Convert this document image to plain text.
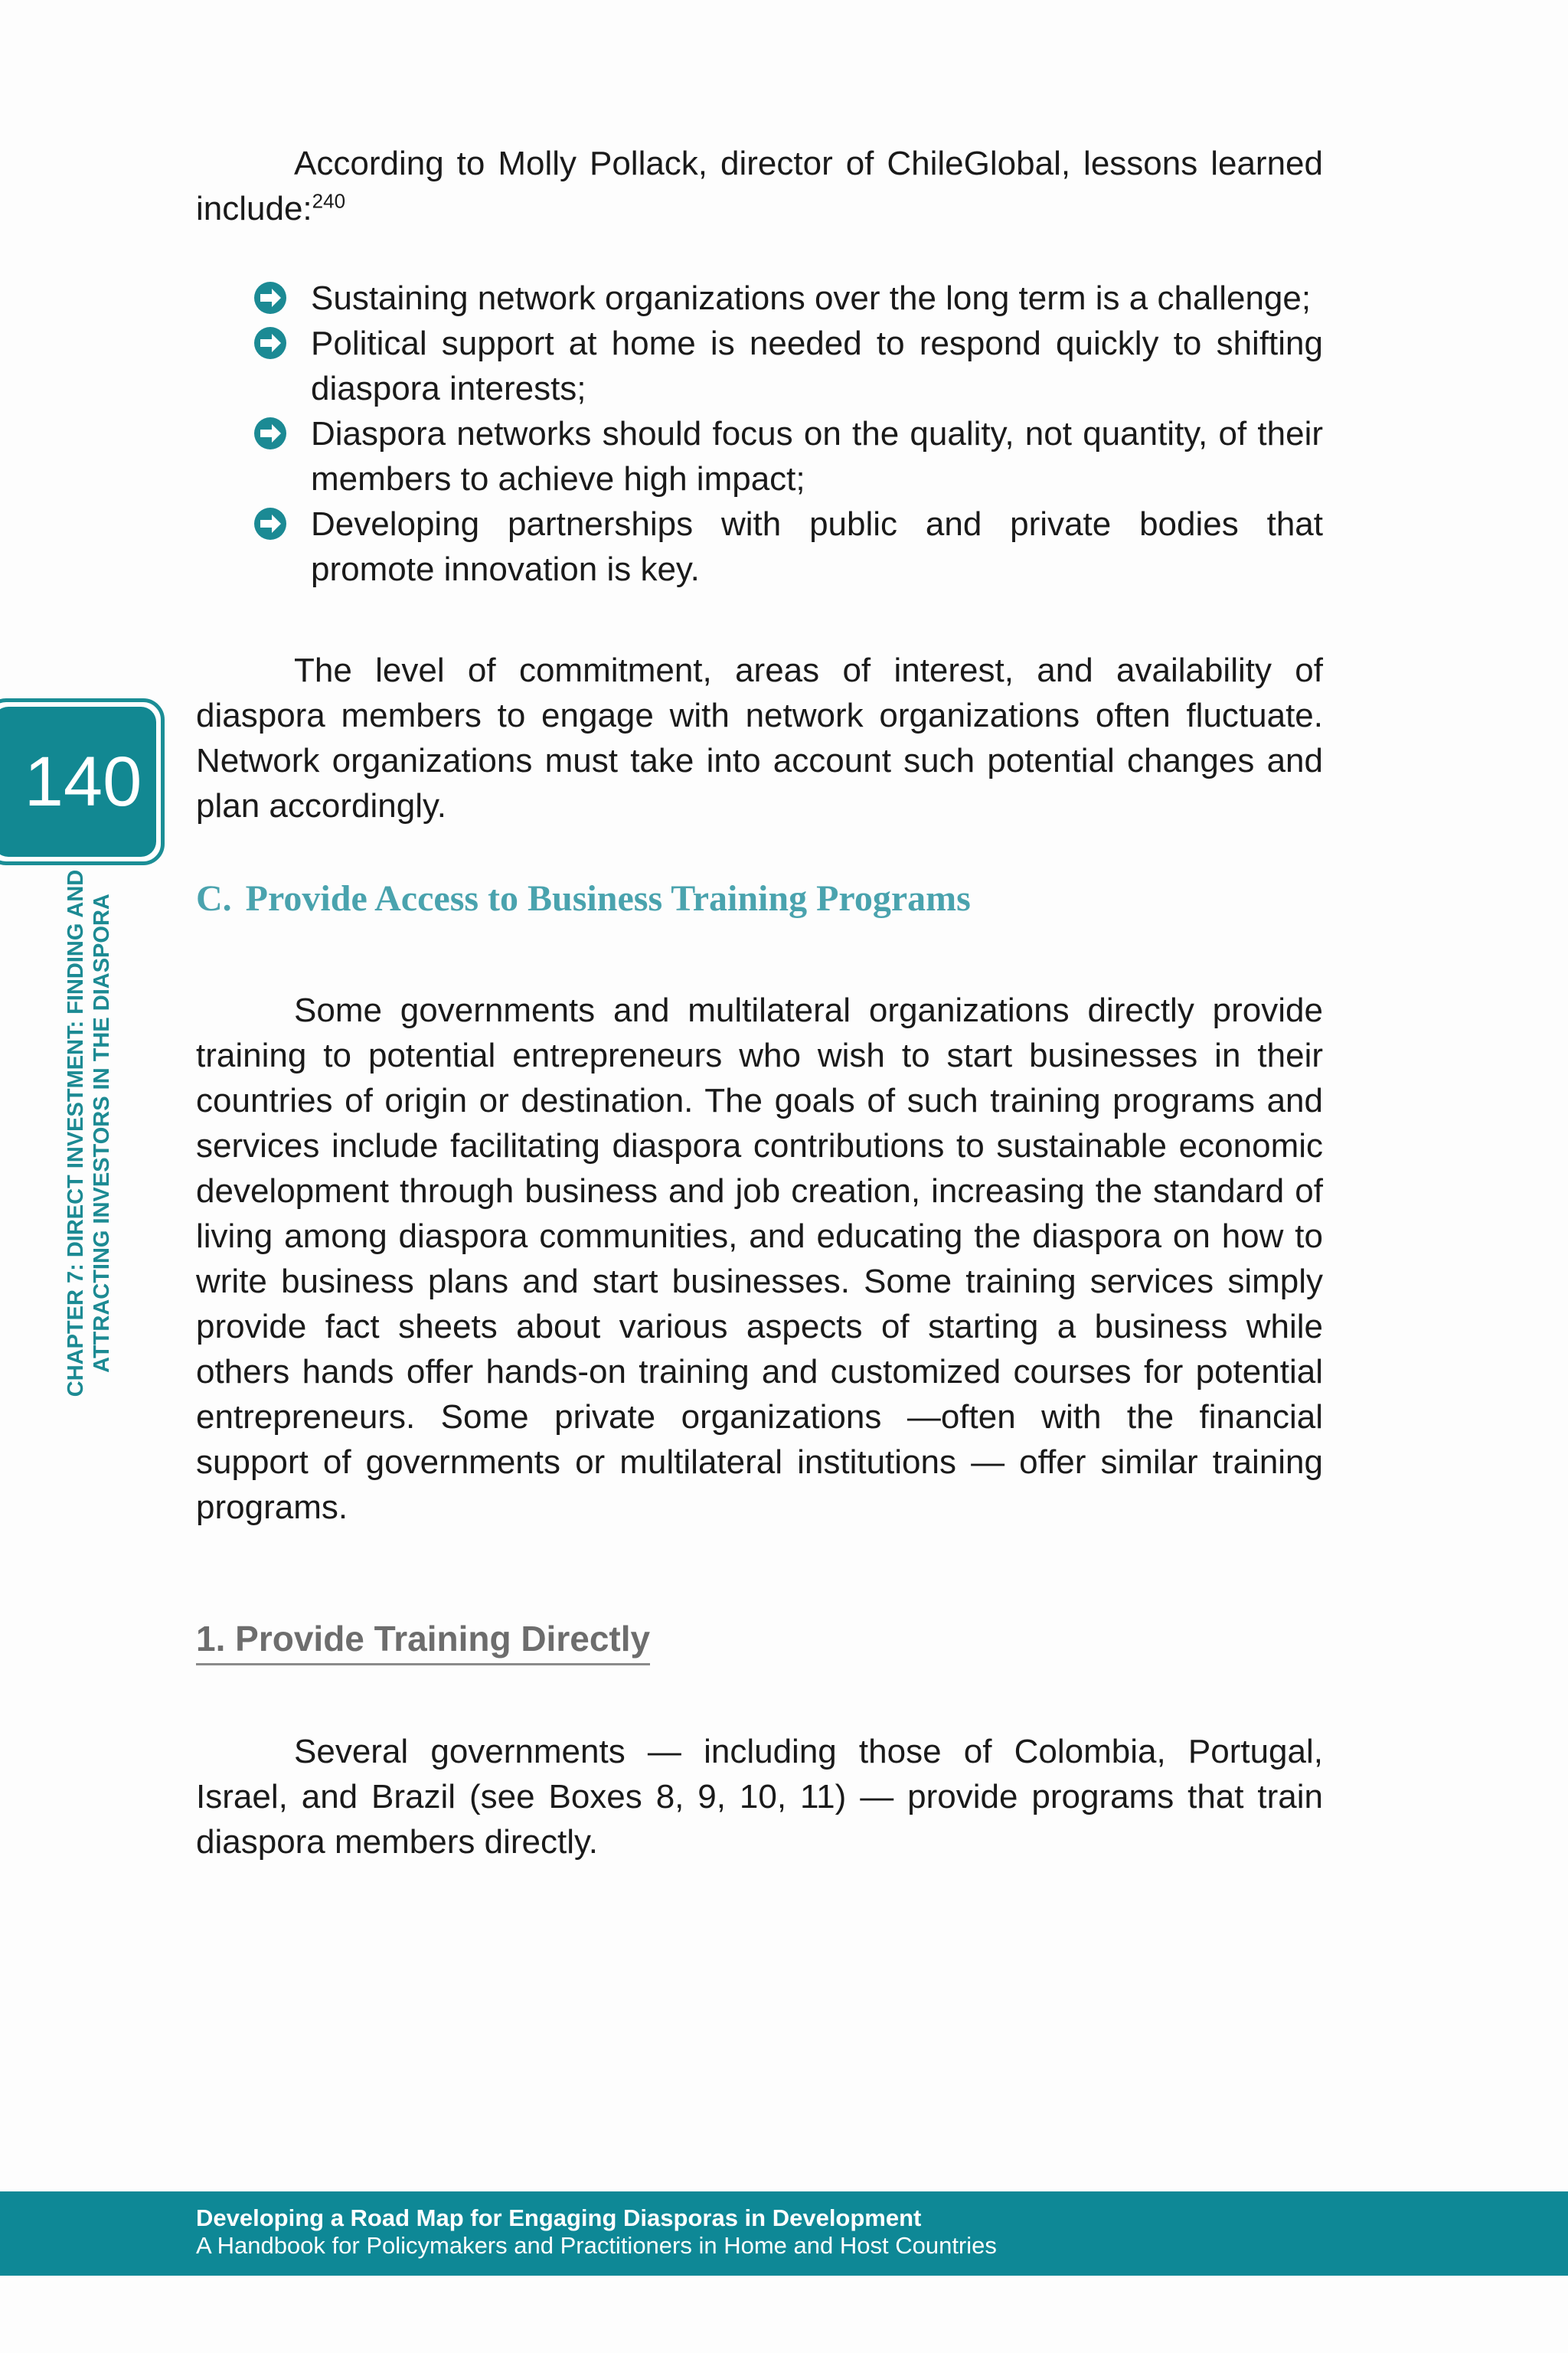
140
CHAPTER 7: DIRECT INVESTMENT: FINDING AND ATTRACTING INVESTORS IN THE DIASPORA

According to Molly Pollack, director of ChileGlobal, lessons learned include:$^{240}$

Sustaining network organizations over the long term is a challenge;
Political support at home is needed to respond quickly to shifting diaspora interests;
Diaspora networks should focus on the quality, not quantity, of their members to achieve high impact;
Developing partnerships with public and private bodies that promote innovation is key.

The level of commitment, areas of interest, and availability of diaspora members to engage with network organizations often fluctuate. Network organizations must take into account such potential changes and plan accordingly.

C. Provide Access to Business Training Programs

Some governments and multilateral organizations directly provide training to potential entrepreneurs who wish to start businesses in their countries of origin or destination. The goals of such training programs and services include facilitating diaspora contributions to sustainable economic development through business and job creation, increasing the standard of living among diaspora communities, and educating the diaspora on how to write business plans and start businesses. Some training services simply provide fact sheets about various aspects of starting a business while others hands offer hands-on training and customized courses for potential entrepreneurs. Some private organizations —often with the financial support of governments or multilateral institutions — offer similar training programs.

1. Provide Training Directly

Several governments — including those of Colombia, Portugal, Israel, and Brazil (see Boxes 8, 9, 10, 11) — provide programs that train diaspora members directly.

Developing a Road Map for Engaging Diasporas in Development

A Handbook for Policymakers and Practitioners in Home and Host Countries
